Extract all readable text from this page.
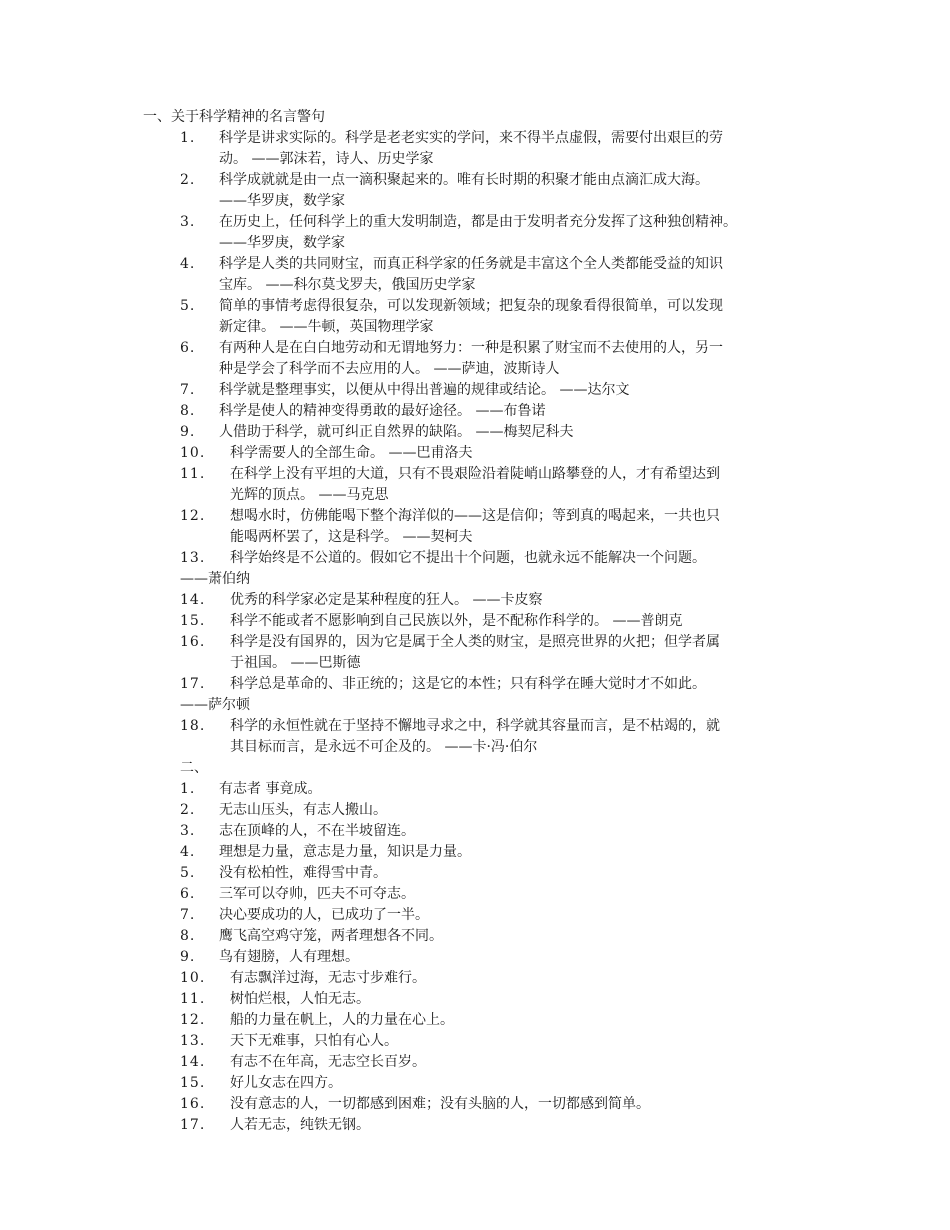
一、关于科学精神的名言警句
1. 科学是讲求实际的。科学是老老实实的学问，来不得半点虚假，需要付出艰巨的劳
动。 ——郭沫若，诗人、历史学家
2. 科学成就就是由一点一滴积聚起来的。唯有长时期的积聚才能由点滴汇成大海。
——华罗庚，数学家
3. 在历史上，任何科学上的重大发明制造，都是由于发明者充分发挥了这种独创精神。
——华罗庚，数学家
4. 科学是人类的共同财宝，而真正科学家的任务就是丰富这个全人类都能受益的知识
宝库。 ——科尔莫戈罗夫，俄国历史学家
5. 简单的事情考虑得很复杂，可以发现新领域；把复杂的现象看得很简单，可以发现
新定律。 ——牛顿，英国物理学家
6. 有两种人是在白白地劳动和无谓地努力：一种是积累了财宝而不去使用的人，另一
种是学会了科学而不去应用的人。 ——萨迪，波斯诗人
7. 科学就是整理事实，以便从中得出普遍的规律或结论。 ——达尔文
8. 科学是使人的精神变得勇敢的最好途径。 ——布鲁诺
9. 人借助于科学，就可纠正自然界的缺陷。 ——梅契尼科夫
10. 科学需要人的全部生命。 ——巴甫洛夫
11. 在科学上没有平坦的大道，只有不畏艰险沿着陡峭山路攀登的人，才有希望达到
光辉的顶点。 ——马克思
12. 想喝水时，仿佛能喝下整个海洋似的——这是信仰；等到真的喝起来，一共也只
能喝两杯罢了，这是科学。 ——契柯夫
13. 科学始终是不公道的。假如它不提出十个问题，也就永远不能解决一个问题。
——萧伯纳
14. 优秀的科学家必定是某种程度的狂人。 ——卡皮察
15. 科学不能或者不愿影响到自己民族以外，是不配称作科学的。 ——普朗克
16. 科学是没有国界的，因为它是属于全人类的财宝，是照亮世界的火把；但学者属
于祖国。 ——巴斯德
17. 科学总是革命的、非正统的；这是它的本性；只有科学在睡大觉时才不如此。
——萨尔顿
18. 科学的永恒性就在于坚持不懈地寻求之中，科学就其容量而言，是不枯竭的，就
其目标而言，是永远不可企及的。 ——卡·冯·伯尔
二、
1. 有志者 事竟成。
2. 无志山压头，有志人搬山。
3. 志在顶峰的人，不在半坡留连。
4. 理想是力量，意志是力量，知识是力量。
5. 没有松柏性，难得雪中青。
6. 三军可以夺帅，匹夫不可夺志。
7. 决心要成功的人，已成功了一半。
8. 鹰飞高空鸡守笼，两者理想各不同。
9. 鸟有翅膀，人有理想。
10. 有志飘洋过海，无志寸步难行。
11. 树怕烂根，人怕无志。
12. 船的力量在帆上，人的力量在心上。
13. 天下无难事，只怕有心人。
14. 有志不在年高，无志空长百岁。
15. 好儿女志在四方。
16. 没有意志的人，一切都感到困难；没有头脑的人，一切都感到简单。
17. 人若无志，纯铁无钢。
